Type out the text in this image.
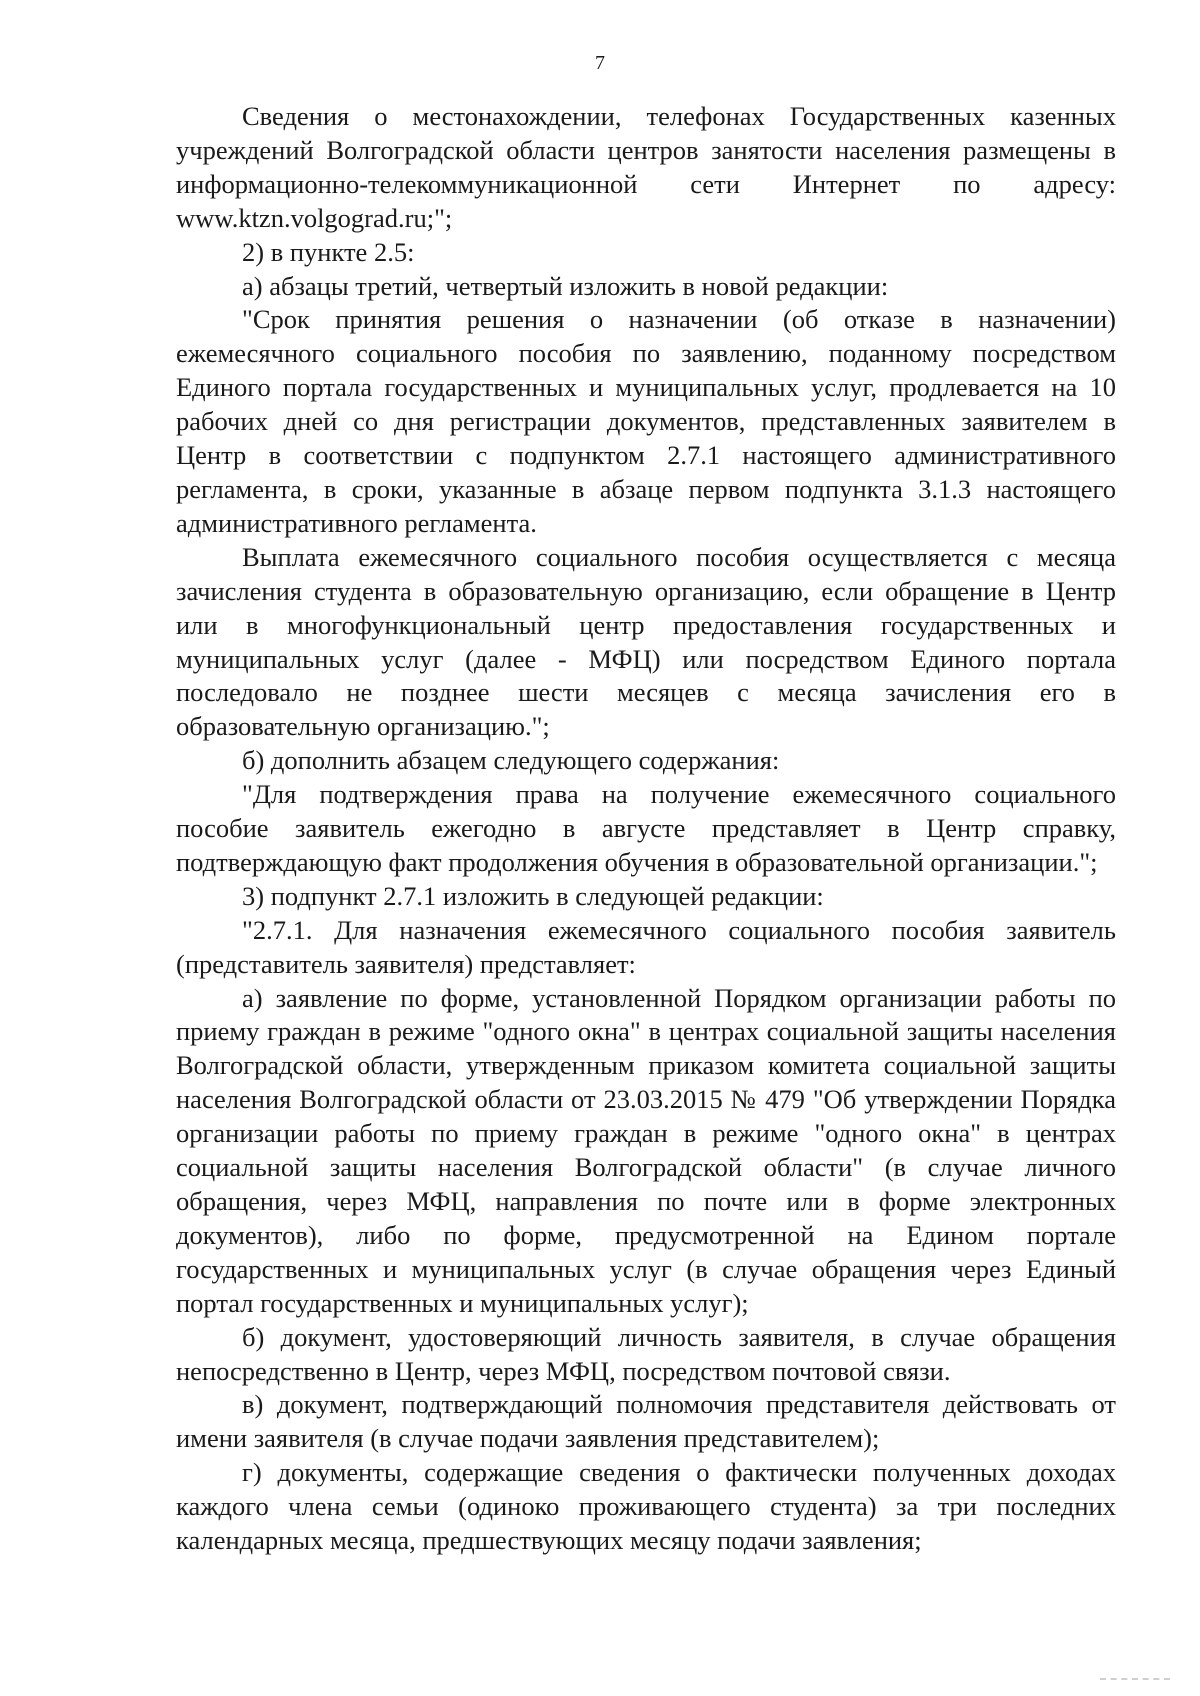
7

Сведения о местонахождении, телефонах Государственных казенных учреждений Волгоградской области центров занятости населения размещены в информационно-телекоммуникационной сети Интернет по адресу: www.ktzn.volgograd.ru;";

2) в пункте 2.5:

а) абзацы третий, четвертый изложить в новой редакции:

"Срок принятия решения о назначении (об отказе в назначении) ежемесячного социального пособия по заявлению, поданному посредством Единого портала государственных и муниципальных услуг, продлевается на 10 рабочих дней со дня регистрации документов, представленных заявителем в Центр в соответствии с подпунктом 2.7.1 настоящего административного регламента, в сроки, указанные в абзаце первом подпункта 3.1.3 настоящего административного регламента.

Выплата ежемесячного социального пособия осуществляется с месяца зачисления студента в образовательную организацию, если обращение в Центр или в многофункциональный центр предоставления государственных и муниципальных услуг (далее - МФЦ) или посредством Единого портала последовало не позднее шести месяцев с месяца зачисления его в образовательную организацию.";

б) дополнить абзацем следующего содержания:

"Для подтверждения права на получение ежемесячного социального пособие заявитель ежегодно в августе представляет в Центр справку, подтверждающую факт продолжения обучения в образовательной организации.";

3) подпункт 2.7.1 изложить в следующей редакции:

"2.7.1. Для назначения ежемесячного социального пособия заявитель (представитель заявителя) представляет:

а) заявление по форме, установленной Порядком организации работы по приему граждан в режиме "одного окна" в центрах социальной защиты населения Волгоградской области, утвержденным приказом комитета социальной защиты населения Волгоградской области от 23.03.2015 № 479 "Об утверждении Порядка организации работы по приему граждан в режиме "одного окна" в центрах социальной защиты населения Волгоградской области" (в случае личного обращения, через МФЦ, направления по почте или в форме электронных документов), либо по форме, предусмотренной на Едином портале государственных и муниципальных услуг (в случае обращения через Единый портал государственных и муниципальных услуг);

б) документ, удостоверяющий личность заявителя, в случае обращения непосредственно в Центр, через МФЦ, посредством почтовой связи.

в) документ, подтверждающий полномочия представителя действовать от имени заявителя (в случае подачи заявления представителем);

г) документы, содержащие сведения о фактически полученных доходах каждого члена семьи (одиноко проживающего студента) за три последних календарных месяца, предшествующих месяцу подачи заявления;
